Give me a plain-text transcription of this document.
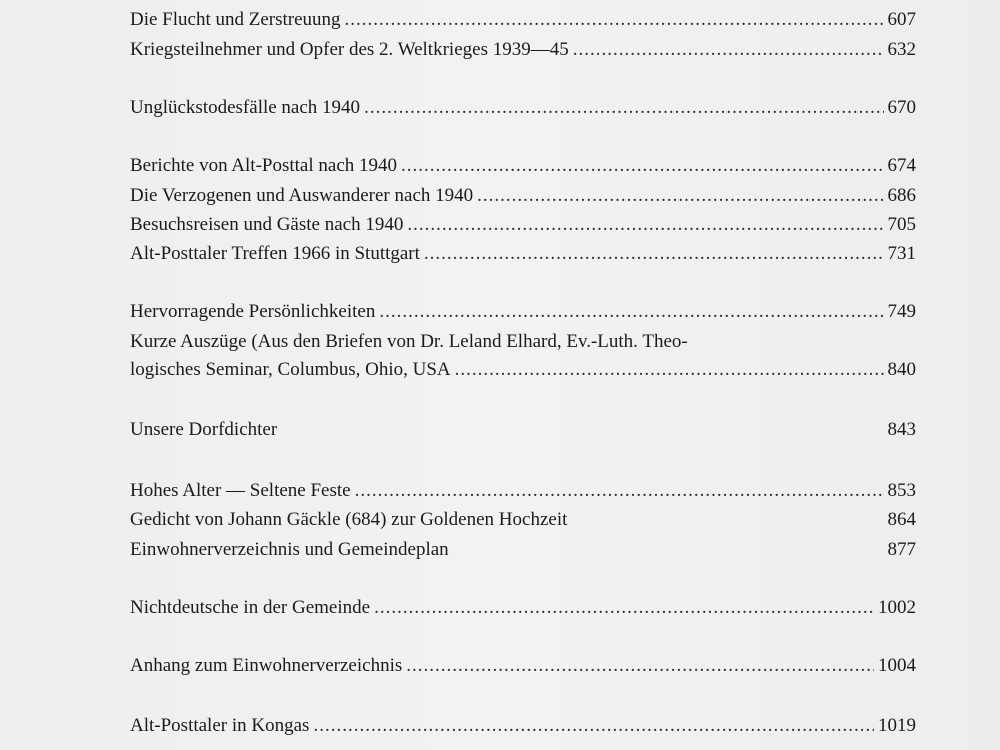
Die Flucht und Zerstreuung .....	607
Kriegsteilnehmer und Opfer des 2. Weltkrieges 1939—45 .....	632
Unglückstodesfälle nach 1940 .....	670
Berichte von Alt-Posttal nach 1940 .....	674
Die Verzogenen und Auswanderer nach 1940 .....	686
Besuchsreisen und Gäste nach 1940 .....	705
Alt-Posttaler Treffen 1966 in Stuttgart .....	731
Hervorragende Persönlichkeiten .....	749
Kurze Auszüge (Aus den Briefen von Dr. Leland Elhard, Ev.-Luth. Theo-
logisches Seminar, Columbus, Ohio, USA .....	840
Unsere Dorfdichter	843
Hohes Alter — Seltene Feste .....	853
Gedicht von Johann Gäckle (684) zur Goldenen Hochzeit	864
Einwohnerverzeichnis und Gemeindeplan	877
Nichtdeutsche in der Gemeinde .....	1002
Anhang zum Einwohnerverzeichnis .....	1004
Alt-Posttaler in Kongas .....	1019
